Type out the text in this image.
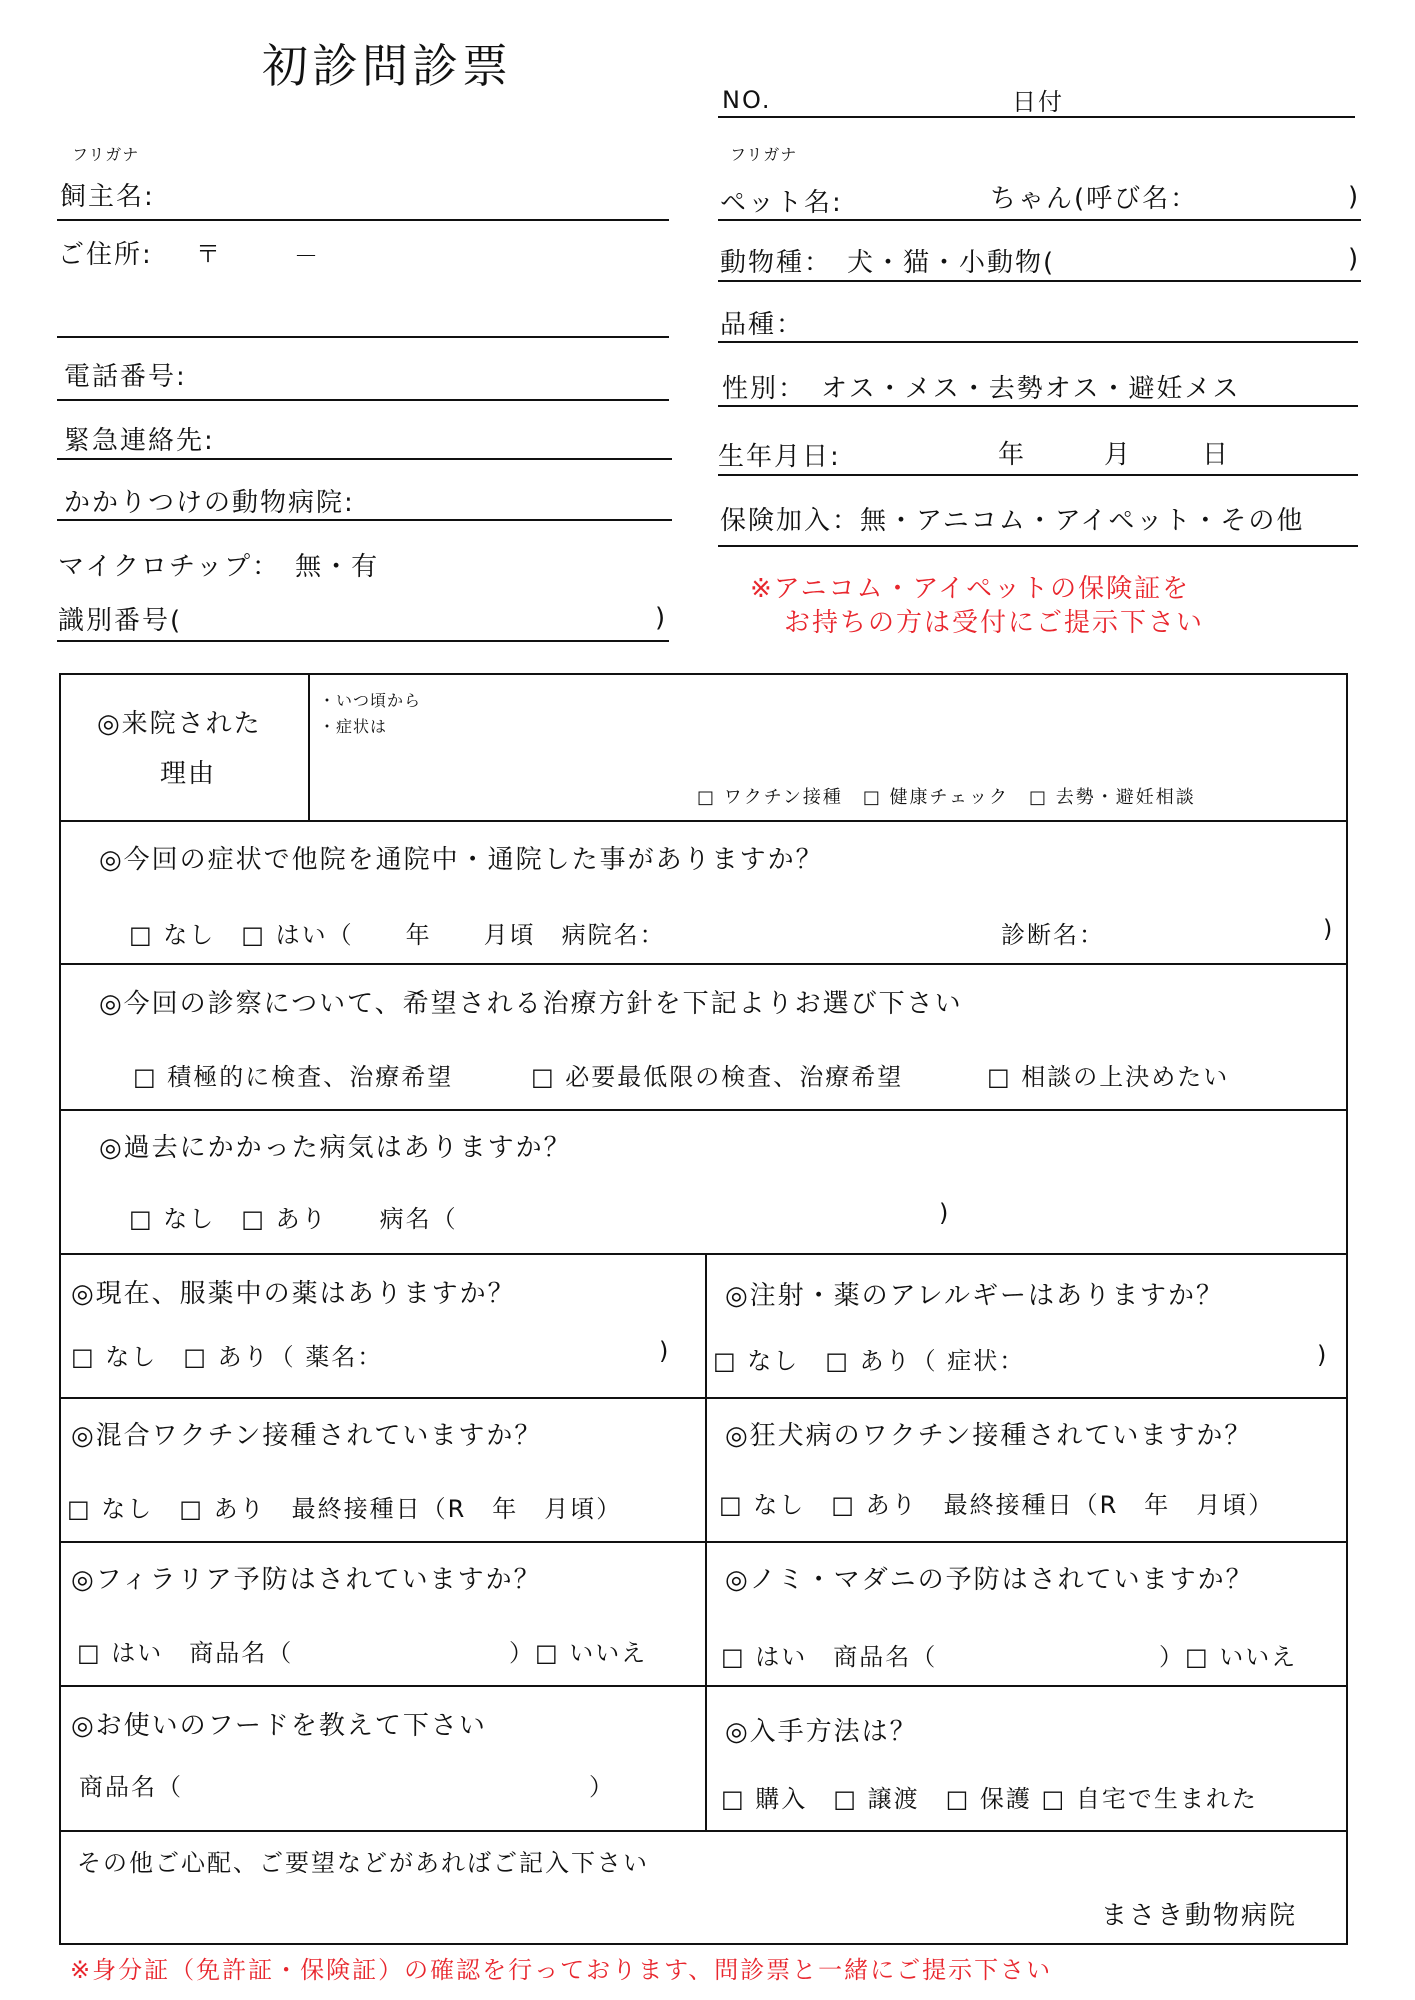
初診問診票
NO.	日付
フリガナ
飼主名:
ご住所: 〒	－
電話番号:
緊急連絡先:
かかりつけの動物病院:
マイクロチップ：　無・有
識別番号(	)
フリガナ
ペット名:	ちゃん(呼び名：	)
動物種：　犬・猫・小動物(	)
品種：
性別：　オス・メス・去勢オス・避妊メス
生年月日:	年	月	日
保険加入：無・アニコム・アイペット・その他
※アニコム・アイペットの保険証を
お持ちの方は受付にご提示下さい
◎来院された
理由
・いつ頃から
・症状は
□ ワクチン接種　□ 健康チェック　□ 去勢・避妊相談
◎今回の症状で他院を通院中・通院した事がありますか？
□ なし　□ はい（　　年　　月頃　病院名：	診断名：	)
◎今回の診察について、希望される治療方針を下記よりお選び下さい
□ 積極的に検査、治療希望	□ 必要最低限の検査、治療希望	□ 相談の上決めたい
◎過去にかかった病気はありますか？
□ なし　□ あり　　病名（	)
◎現在、服薬中の薬はありますか？
□ なし　□ あり（ 薬名：	)
◎注射・薬のアレルギーはありますか？
□ なし　□ あり（ 症状：	)
◎混合ワクチン接種されていますか？
□ なし　□ あり　最終接種日（R　年　月頃）
◎狂犬病のワクチン接種されていますか？
□ なし　□ あり　最終接種日（R　年　月頃）
◎フィラリア予防はされていますか？
□ はい　商品名（	）□ いいえ
◎ノミ・マダニの予防はされていますか？
□ はい　商品名（	）□ いいえ
◎お使いのフードを教えて下さい
商品名（	）
◎入手方法は？
□ 購入　□ 譲渡　□ 保護 □ 自宅で生まれた
その他ご心配、ご要望などがあればご記入下さい
まさき動物病院
※身分証（免許証・保険証）の確認を行っております、問診票と一緒にご提示下さい
